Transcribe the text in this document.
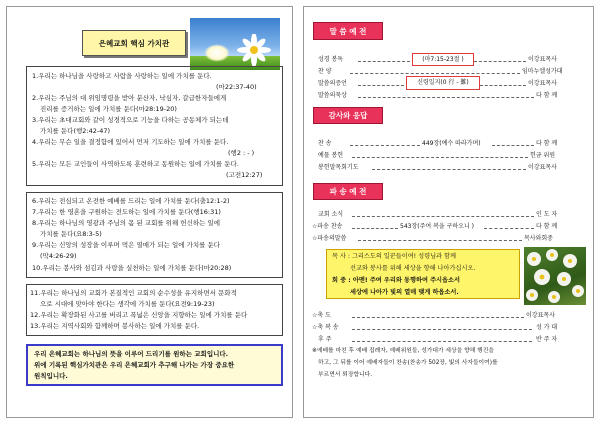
은혜교회 핵심 가치관
1.우리는 하나님을 사랑하고 사람을 사랑하는 일에 가치를 둔다.
(마22:37-40)
2.우리는 주님의 대 위임명령을 받아 분산자, 낙심자, 갈급한자들에게
진리를 증거하는 일에 가치를 둔다(마28:19-20)
3.우리는 초대교회와 같이 성경적으로 기능을 다하는 공동체가 되는데
가치를 둔다(행2:42-47)
4.우리는 무슨 일을 결정함에 있어서 먼저 기도하는 일에 가치를 둔다.
(행2 : - )
5.우리는 모든 교인들이 사역하도록 훈련하고 동원하는 일에 가치를 둔다.
(고전12:27)
6.우리는 전심되고 온전한 예배를 드리는 일에 가치를 둔다(출12:1-2)
7.우리는 한 영혼을 구원하는 전도하는 일에 가치를 둔다(행16:31)
8.우리는 하나님의 영광과 주님의 몸 된 교회를 위해 헌신하는 일에
가치를 둔다(요8:3-5)
9.우리는 신앙의 성장을 이루며 먹은 열매가 되는 일에 가치를 둔다
(막4:26-29)
10.우리는 봉사와 섬김과 사랑을 실천하는 일에 가치를 둔다(마20:28)
11.우리는 하나님의 교회가 본질적인 교회의 순수성을 유지하면서 문화적
으로 시대에 맞아야 한다는 생각에 가치를 둔다(요전9:19-23)
12.우리는 확장화된 사고를 버리고 폭넓은 신앙을 지향하는 일에 가치를 둔다
13.우리는 지역사회와 함께하며 봉사하는 일에 가치를 둔다.
우리 은혜교회는 하나님의 뜻을 이루어 드리기를 원하는 교회입니다.
위에 기록된 핵심가치관은 우리 은혜교회가 추구해 나가는 가장 중요한
원칙입니다.
말 씀 예 전
성경 봉독	(마7:15-23절 )	이강표목사
찬 양	임마누엘성가대
말씀의증언	신령일지(0 行 - 難)	이강표목사
말씀의묵상	다 함 께
감사와 응답
찬 송	449장(예수 따라가며)	다 함 께
예물 봉헌	헌금 위원
봉헌말목회기도	이강표목사
파 송 예 전
교회 소식	인 도 자
☆파송 찬송	543장(주여 복을 구하오니 )	다 함 께
☆파송의말씀	목사와회중
목 사 : 그리스도의 일꾼들이여! 성령님과 함께
선교와 봉사를 위해 세상을 향해 나아가십시오.
회 중 : 아멘! 주여 우리와 동행하여 주시옵소서
세상에 나아가 빛의 열매 맺게 하옵소서.
☆축 도	이강표목사
☆축 복 송	성 가 대
후 주	반 주 자
※예배를 마친 후 예배 집례자, 예배위원들, 성가대가 세상을 향해 행진을
하고, 그 뒤를 이어 예배자들이 찬송(찬송가 502장, 빛의 사자들이여)를
부르면서 퇴장합니다.
